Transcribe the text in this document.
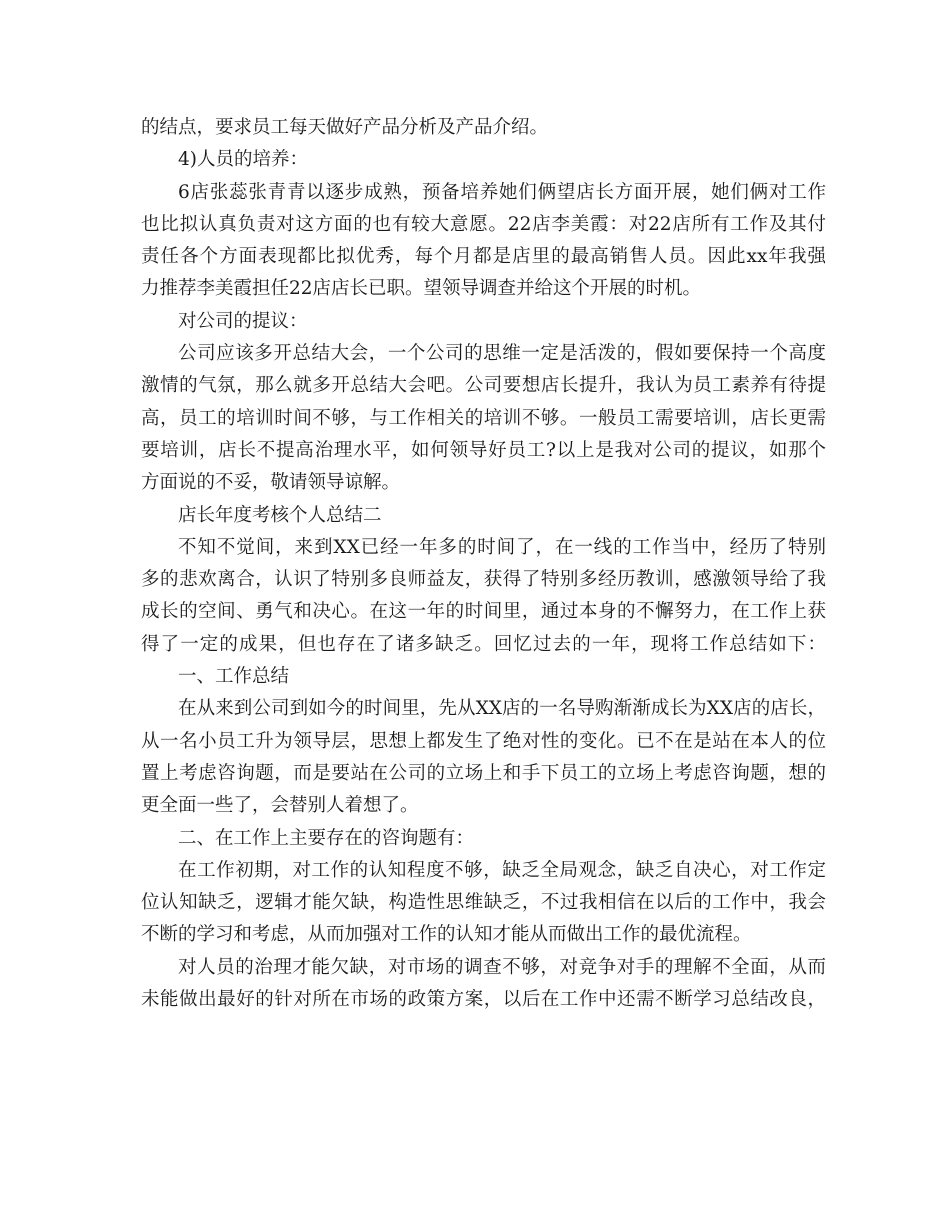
的结点，要求员工每天做好产品分析及产品介绍。
4)人员的培养：
6店张蕊张青青以逐步成熟，预备培养她们俩望店长方面开展，她们俩对工作
也比拟认真负责对这方面的也有较大意愿。22店李美霞：对22店所有工作及其付
责任各个方面表现都比拟优秀，每个月都是店里的最高销售人员。因此xx年我强
力推荐李美霞担任22店店长已职。望领导调查并给这个开展的时机。
对公司的提议：
公司应该多开总结大会，一个公司的思维一定是活泼的，假如要保持一个高度
激情的气氛，那么就多开总结大会吧。公司要想店长提升，我认为员工素养有待提
高，员工的培训时间不够，与工作相关的培训不够。一般员工需要培训，店长更需
要培训，店长不提高治理水平，如何领导好员工?以上是我对公司的提议，如那个
方面说的不妥，敬请领导谅解。
店长年度考核个人总结二
不知不觉间，来到XX已经一年多的时间了，在一线的工作当中，经历了特别
多的悲欢离合，认识了特别多良师益友，获得了特别多经历教训，感激领导给了我
成长的空间、勇气和决心。在这一年的时间里，通过本身的不懈努力，在工作上获
得了一定的成果，但也存在了诸多缺乏。回忆过去的一年，现将工作总结如下：
一、工作总结
在从来到公司到如今的时间里，先从XX店的一名导购渐渐成长为XX店的店长，
从一名小员工升为领导层，思想上都发生了绝对性的变化。已不在是站在本人的位
置上考虑咨询题，而是要站在公司的立场上和手下员工的立场上考虑咨询题，想的
更全面一些了，会替别人着想了。
二、在工作上主要存在的咨询题有：
在工作初期，对工作的认知程度不够，缺乏全局观念，缺乏自决心，对工作定
位认知缺乏，逻辑才能欠缺，构造性思维缺乏，不过我相信在以后的工作中，我会
不断的学习和考虑，从而加强对工作的认知才能从而做出工作的最优流程。
对人员的治理才能欠缺，对市场的调查不够，对竞争对手的理解不全面，从而
未能做出最好的针对所在市场的政策方案，以后在工作中还需不断学习总结改良，
